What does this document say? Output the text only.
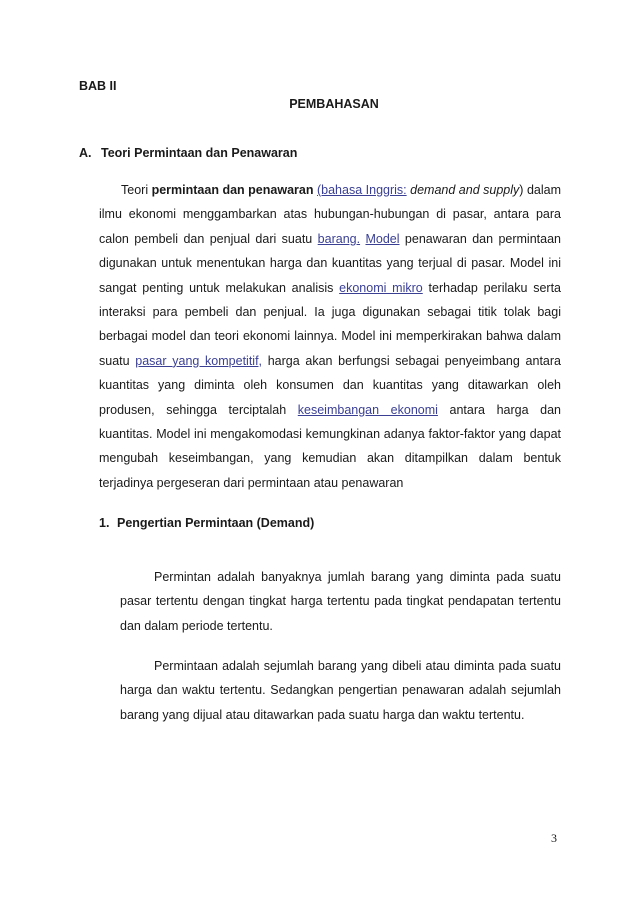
BAB II
PEMBAHASAN
A. Teori Permintaan dan Penawaran

Teori permintaan dan penawaran (bahasa Inggris: demand and supply) dalam ilmu ekonomi menggambarkan atas hubungan-hubungan di pasar, antara para calon pembeli dan penjual dari suatu barang. Model penawaran dan permintaan digunakan untuk menentukan harga dan kuantitas yang terjual di pasar. Model ini sangat penting untuk melakukan analisis ekonomi mikro terhadap perilaku serta interaksi para pembeli dan penjual. Ia juga digunakan sebagai titik tolak bagi berbagai model dan teori ekonomi lainnya. Model ini memperkirakan bahwa dalam suatu pasar yang kompetitif, harga akan berfungsi sebagai penyeimbang antara kuantitas yang diminta oleh konsumen dan kuantitas yang ditawarkan oleh produsen, sehingga terciptalah keseimbangan ekonomi antara harga dan kuantitas. Model ini mengakomodasi kemungkinan adanya faktor-faktor yang dapat mengubah keseimbangan, yang kemudian akan ditampilkan dalam bentuk terjadinya pergeseran dari permintaan atau penawaran

1. Pengertian Permintaan (Demand)

Permintan adalah banyaknya jumlah barang yang diminta pada suatu pasar tertentu dengan tingkat harga tertentu pada tingkat pendapatan tertentu dan dalam periode tertentu.

Permintaan adalah sejumlah barang yang dibeli atau diminta pada suatu harga dan waktu tertentu. Sedangkan pengertian penawaran adalah sejumlah barang yang dijual atau ditawarkan pada suatu harga dan waktu tertentu.

3
